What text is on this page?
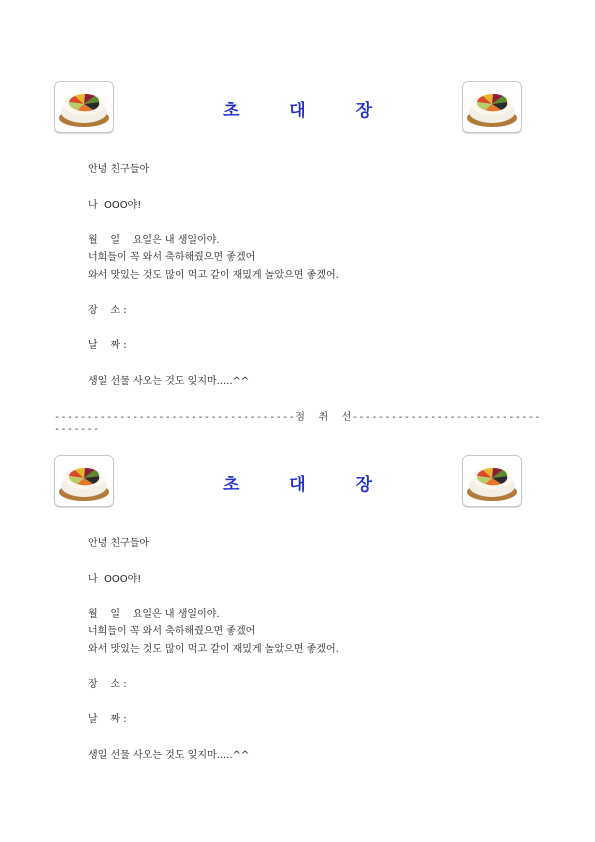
초 대 장
안녕 친구들아
나  OOO야!
월    일    요일은 내 생일이야.
너희들이 꼭 와서 축하해줬으면 좋겠어
와서 맛있는 것도 많이 먹고 같이 재밌게 놀았으면 좋겠어.
장    소 :
날    짜 :
생일 선물 사오는 것도 잊지마.....^^
-------------------------------------점  취  선------------------------------------
초 대 장
안녕 친구들아
나  OOO야!
월    일    요일은 내 생일이야.
너희들이 꼭 와서 축하해줬으면 좋겠어
와서 맛있는 것도 많이 먹고 같이 재밌게 놀았으면 좋겠어.
장    소 :
날    짜 :
생일 선물 사오는 것도 잊지마.....^^
